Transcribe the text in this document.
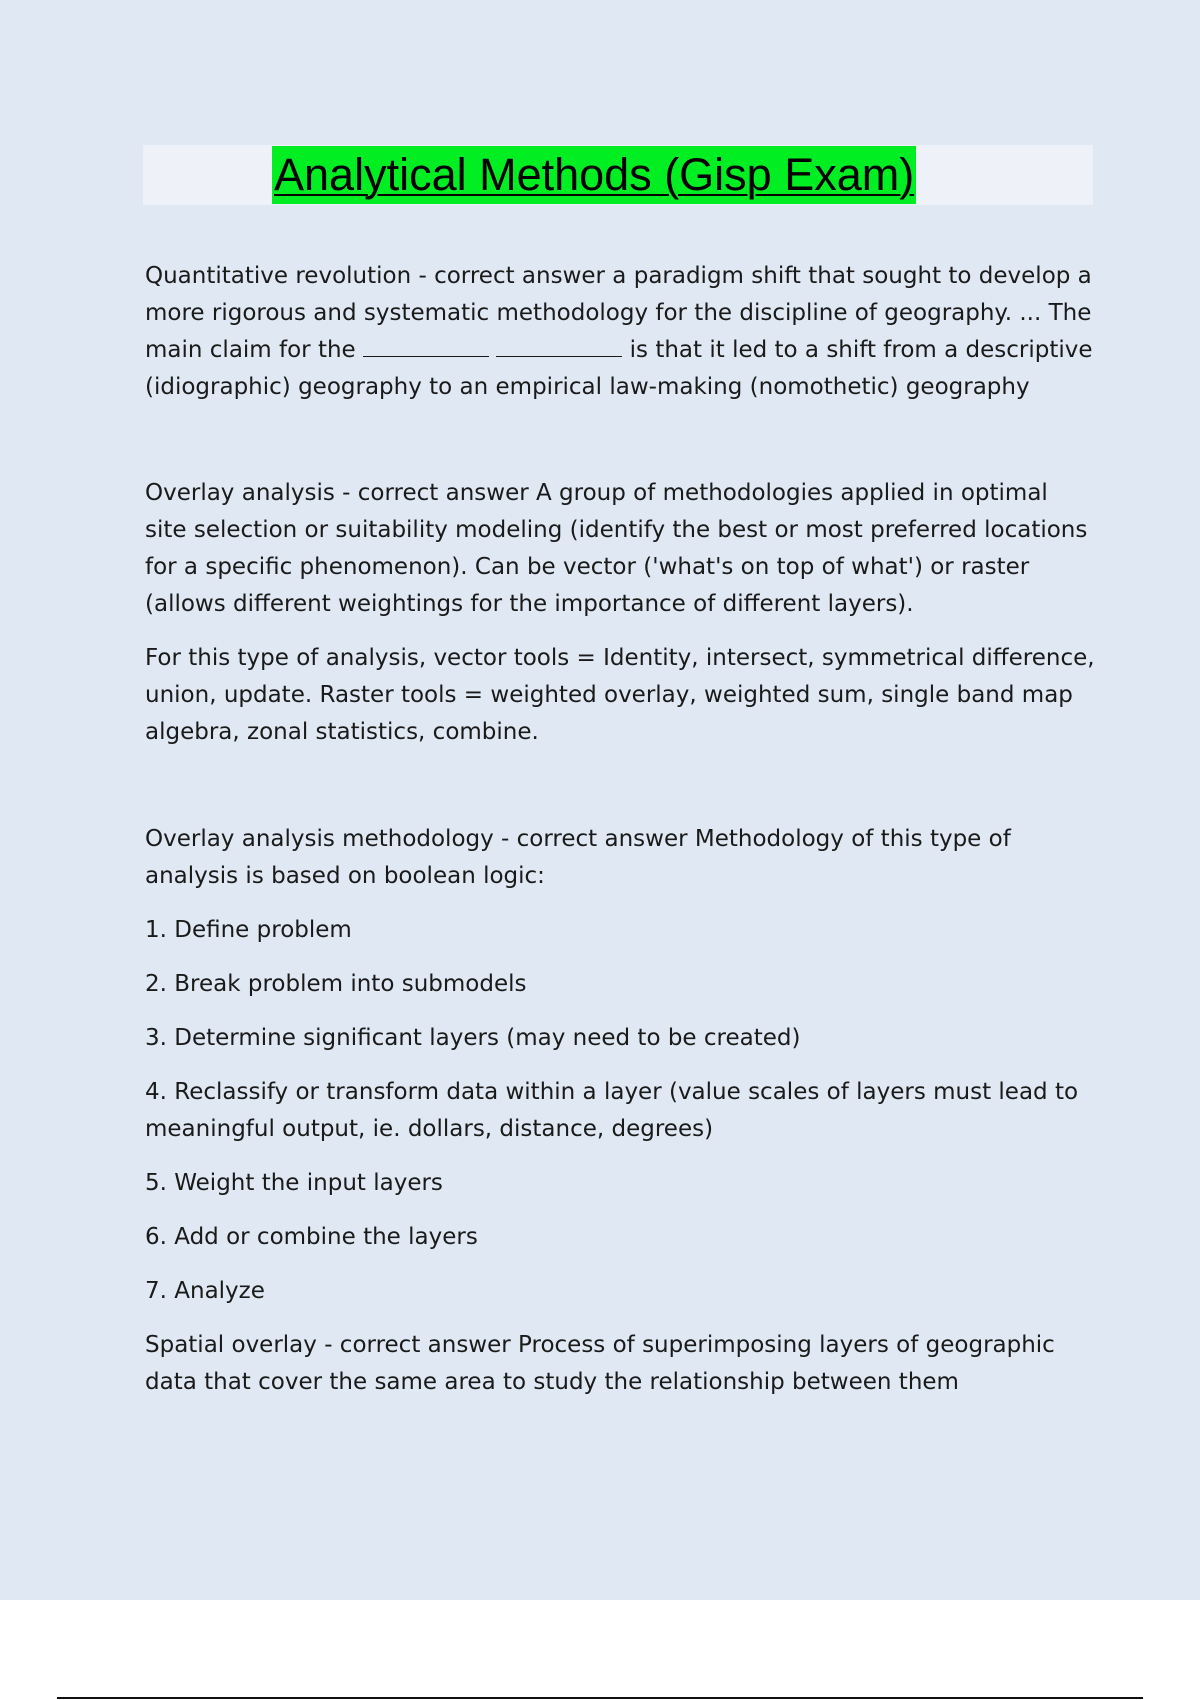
Analytical Methods (Gisp Exam)

Quantitative revolution - correct answer a paradigm shift that sought to develop a more rigorous and systematic methodology for the discipline of geography. ... The main claim for the	is that it led to a shift from a descriptive (idiographic) geography to an empirical law-making (nomothetic) geography

Overlay analysis - correct answer A group of methodologies applied in optimal site selection or suitability modeling (identify the best or most preferred locations for a specific phenomenon). Can be vector ('what's on top of what') or raster (allows different weightings for the importance of different layers).

For this type of analysis, vector tools = Identity, intersect, symmetrical difference, union, update. Raster tools = weighted overlay, weighted sum, single band map algebra, zonal statistics, combine.

Overlay analysis methodology - correct answer Methodology of this type of analysis is based on boolean logic:

1. Define problem

2. Break problem into submodels

3. Determine significant layers (may need to be created)

4. Reclassify or transform data within a layer (value scales of layers must lead to meaningful output, ie. dollars, distance, degrees)

5. Weight the input layers

6. Add or combine the layers

7. Analyze

Spatial overlay - correct answer Process of superimposing layers of geographic data that cover the same area to study the relationship between them
